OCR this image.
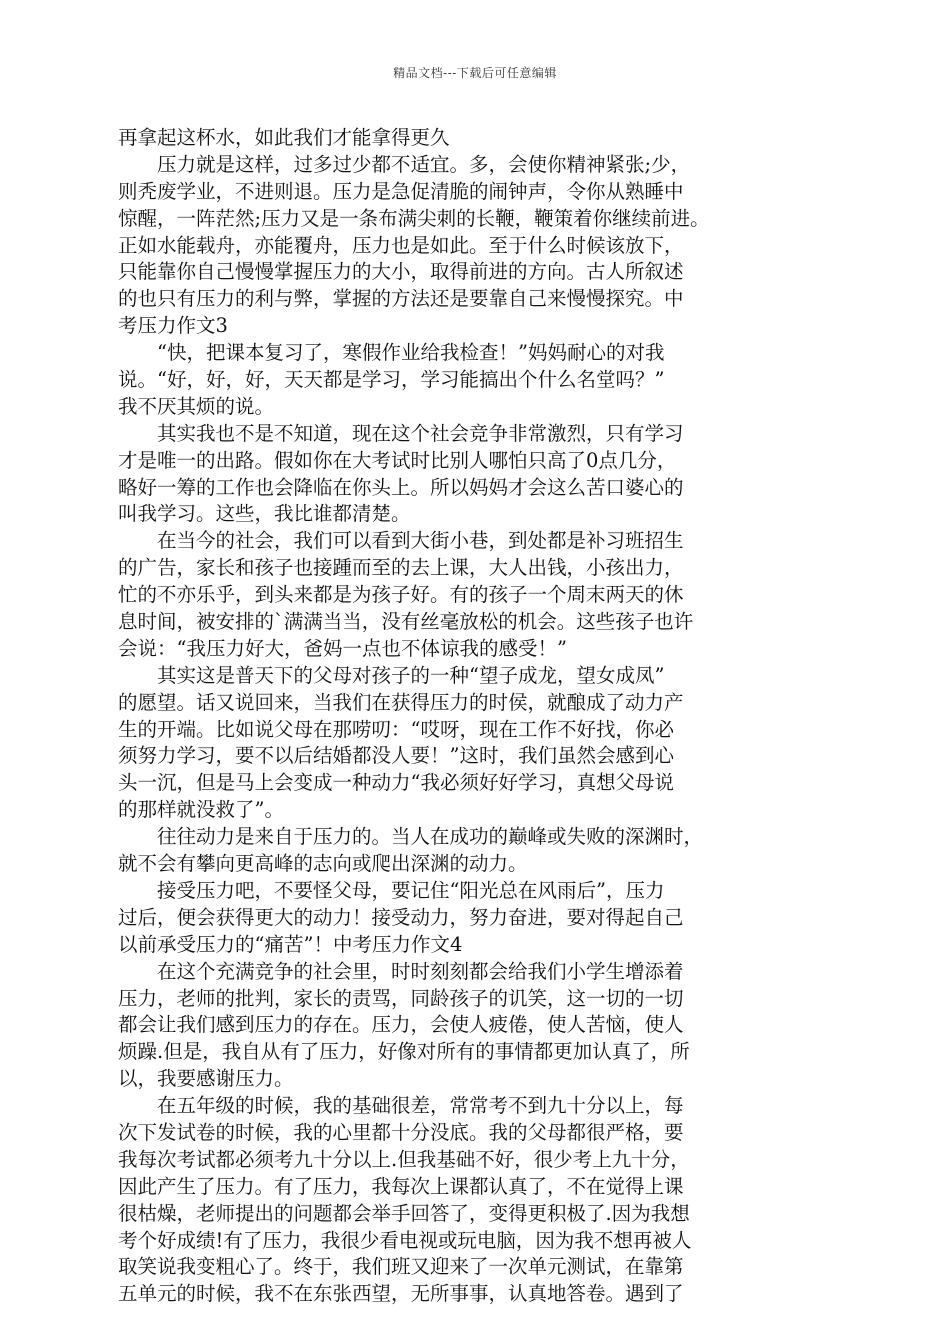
精品文档---下载后可任意编辑
再拿起这杯水，如此我们才能拿得更久
　　压力就是这样，过多过少都不适宜。多，会使你精神紧张;少，
则秃废学业，不进则退。压力是急促清脆的闹钟声，令你从熟睡中
惊醒，一阵茫然;压力又是一条布满尖刺的长鞭，鞭策着你继续前进。
正如水能载舟，亦能覆舟，压力也是如此。至于什么时候该放下，
只能靠你自己慢慢掌握压力的大小，取得前进的方向。古人所叙述
的也只有压力的利与弊，掌握的方法还是要靠自己来慢慢探究。中
考压力作文3
　　“快，把课本复习了，寒假作业给我检查！”妈妈耐心的对我
说。“好，好，好，天天都是学习，学习能搞出个什么名堂吗？”
我不厌其烦的说。
　　其实我也不是不知道，现在这个社会竞争非常激烈，只有学习
才是唯一的出路。假如你在大考试时比别人哪怕只高了0点几分，
略好一筹的工作也会降临在你头上。所以妈妈才会这么苦口婆心的
叫我学习。这些，我比谁都清楚。
　　在当今的社会，我们可以看到大街小巷，到处都是补习班招生
的广告，家长和孩子也接踵而至的去上课，大人出钱，小孩出力，
忙的不亦乐乎，到头来都是为孩子好。有的孩子一个周末两天的休
息时间，被安排的`满满当当，没有丝毫放松的机会。这些孩子也许
会说：“我压力好大，爸妈一点也不体谅我的感受！”
　　其实这是普天下的父母对孩子的一种“望子成龙，望女成凤”
的愿望。话又说回来，当我们在获得压力的时侯，就酿成了动力产
生的开端。比如说父母在那唠叨：“哎呀，现在工作不好找，你必
须努力学习，要不以后结婚都没人要！”这时，我们虽然会感到心
头一沉，但是马上会变成一种动力“我必须好好学习，真想父母说
的那样就没救了”。
　　往往动力是来自于压力的。当人在成功的巅峰或失败的深渊时，
就不会有攀向更高峰的志向或爬出深渊的动力。
　　接受压力吧，不要怪父母，要记住“阳光总在风雨后”，压力
过后，便会获得更大的动力！接受动力，努力奋进，要对得起自己
以前承受压力的“痛苦”！中考压力作文4
　　在这个充满竞争的社会里，时时刻刻都会给我们小学生增添着
压力，老师的批判，家长的责骂，同龄孩子的讥笑，这一切的一切
都会让我们感到压力的存在。压力，会使人疲倦，使人苦恼，使人
烦躁.但是，我自从有了压力，好像对所有的事情都更加认真了，所
以，我要感谢压力。
　　在五年级的时候，我的基础很差，常常考不到九十分以上，每
次下发试卷的时候，我的心里都十分没底。我的父母都很严格，要
我每次考试都必须考九十分以上.但我基础不好，很少考上九十分，
因此产生了压力。有了压力，我每次上课都认真了，不在觉得上课
很枯燥，老师提出的问题都会举手回答了，变得更积极了.因为我想
考个好成绩!有了压力，我很少看电视或玩电脑，因为我不想再被人
取笑说我变粗心了。终于，我们班又迎来了一次单元测试，在靠第
五单元的时候，我不在东张西望，无所事事，认真地答卷。遇到了
